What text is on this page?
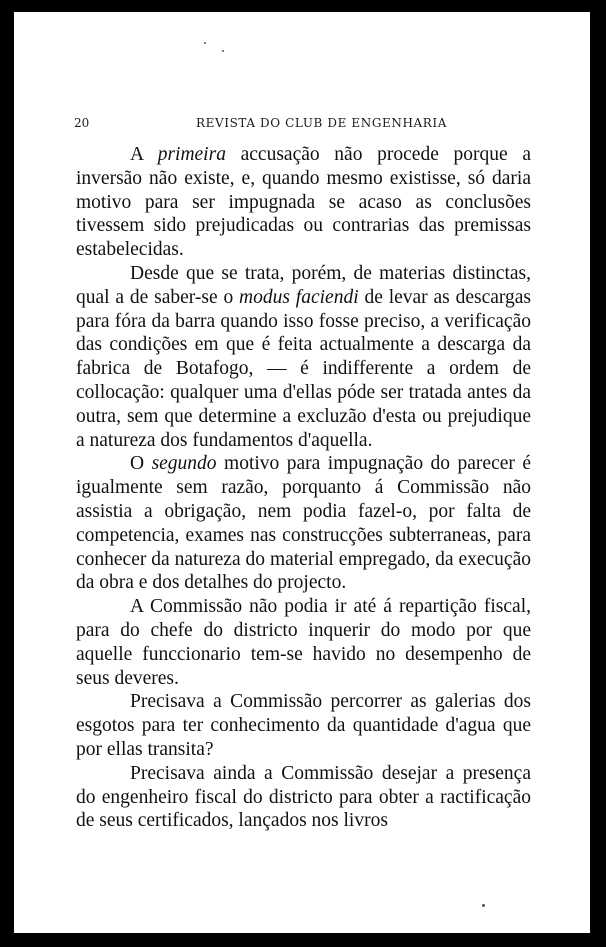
20	REVISTA DO CLUB DE ENGENHARIA

A primeira accusação não procede porque a inversão não existe, e, quando mesmo existisse, só daria motivo para ser impugnada se acaso as conclusões tivessem sido prejudicadas ou contrarias das premissas estabelecidas.

Desde que se trata, porém, de materias distinctas, qual a de saber-se o modus faciendi de levar as descargas para fóra da barra quando isso fosse preciso, a verificação das condições em que é feita actualmente a descarga da fabrica de Botafogo, — é indifferente a ordem de collocação: qualquer uma d'ellas póde ser tratada antes da outra, sem que determine a excluzão d'esta ou prejudique a natureza dos fundamentos d'aquella.

O segundo motivo para impugnação do parecer é igualmente sem razão, porquanto á Commissão não assistia a obrigação, nem podia fazel-o, por falta de competencia, exames nas construcções subterraneas, para conhecer da natureza do material empregado, da execução da obra e dos detalhes do projecto.

A Commissão não podia ir até á repartição fiscal, para do chefe do districto inquerir do modo por que aquelle funccionario tem-se havido no desempenho de seus deveres.

Precisava a Commissão percorrer as galerias dos esgotos para ter conhecimento da quantidade d'agua que por ellas transita?

Precisava ainda a Commissão desejar a presença do engenheiro fiscal do districto para obter a ractificação de seus certificados, lançados nos livros
